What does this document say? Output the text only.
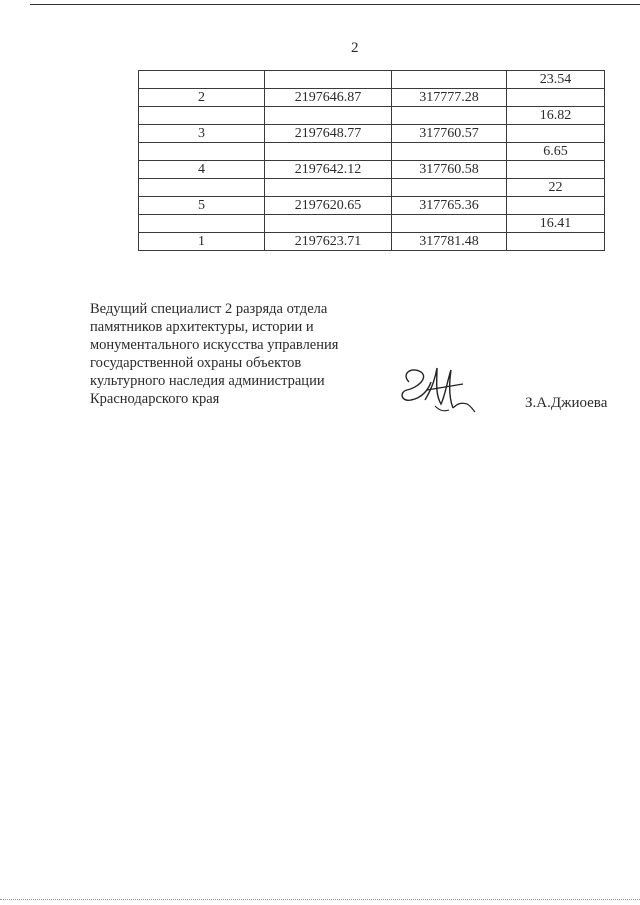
2
			23.54
2	2197646.87	317777.28	
			16.82
3	2197648.77	317760.57	
			6.65
4	2197642.12	317760.58	
			22
5	2197620.65	317765.36	
			16.41
1	2197623.71	317781.48	
Ведущий специалист 2 разряда отдела
памятников архитектуры, истории и
монументального искусства управления
государственной охраны объектов
культурного наследия администрации
Краснодарского края	З.А.Джиоева
